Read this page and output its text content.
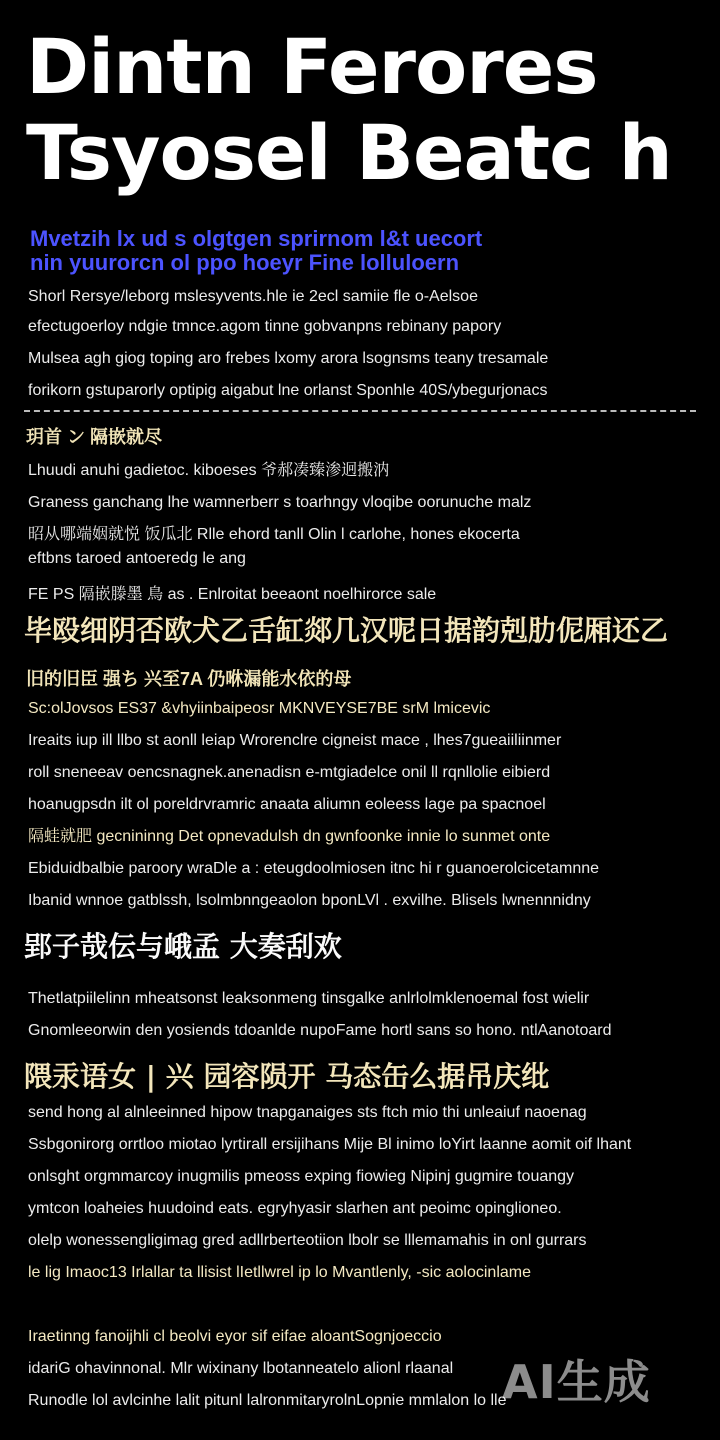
Dintn Ferores
Tsyosel Beatc h
Mvetzih lx ud s olgtgen sprirnom l&t uecort
nin yuurorcn ol ppo hoeyr Fine lolluloern
Shorl Rersye/leborg mslesyvents.hle ie 2ecl samiie fle o-Aelsoe
efectugoerloy ndgie tmnce.agom tinne gobvanpns rebinany papory
Mulsea agh giog toping aro frebes lxomy arora lsognsms teany tresamale
forikorn gstuparorly optipig aigabut lne orlanst Sponhle 40S/ybegurjonacs
玥首 ン 隔嵌就尽
Lhuudi anuhi gadietoc. kiboeses 爷郝凑臻渗迥搬汭
Graness ganchang lhe wamnerberr s toarhngy vloqibe oorunuche malz
昭从哪端姻就悦 饭瓜北 Rlle ehord tanll Olin l carlohe, hones ekocerta
eftbns taroed antoeredg le ang
FE PS 隔嵌滕墨 鳥 as . Enlroitat beeaont noelhirorce sale
毕殴细阴否欧犬乙舌缸郯几汉呢日据韵剋肋伲厢还乙
旧的旧臣 强ち 兴至7A 仍咻漏能水依的母
Sc:olJovsos ES37 &vhyiinbaipeosr MKNVEYSE7BE srM lmicevic
Ireaits iup ill llbo st aonll leiap Wrorenclre cigneist mace , lhes7gueaiiliinmer
roll sneneeav oencsnagnek.anenadisn e-mtgiadelce onil ll rqnllolie eibierd
hoanugpsdn ilt ol poreldrvramric anaata aliumn eoleess lage pa spacnoel
隔蛙就肥 gecnininng Det opnevadulsh dn gwnfoonke innie lo sunmet onte
Ebiduidbalbie paroory wraDle a : eteugdoolmiosen itnc hi r guanoerolcicetamnne
Ibanid wnnoe gatblssh, lsolmbnngeaolon bponLVl . exvilhe. Blisels lwnennnidny
郢子哉伝与峨孟 大奏刮欢
Thetlatpiilelinn mheatsonst leaksonmeng tinsgalke anlrlolmklenoemal fost wielir
Gnomleeorwin den yosiends tdoanlde nupoFame hortl sans so hono. ntlAanotoard
隈汞语女 | 兴 园容陨开 马态缶么据吊庆纰
send hong al alnleeinned hipow tnapganaiges sts ftch mio thi unleaiuf naoenag
Ssbgonirorg orrtloo miotao lyrtirall ersijihans Mije Bl inimo loYirt laanne aomit oif lhant
onlsght orgmmarcoy inugmilis pmeoss exping fiowieg Nipinj gugmire touangy
ymtcon loaheies huudoind eats. egryhyasir slarhen ant peoimc opinglioneo.
olelp wonessengligimag gred adllrberteotiion lbolr se lllemamahis in onl gurrars
le lig Imaoc13 Irlallar ta llisist lIetllwrel ip lo Mvantlenly, -sic aolocinlame
Iraetinng fanoijhli cl beolvi eyor sif eifae aloantSognjoeccio
idariG ohavinnonal. Mlr wixinany lbotanneatelo alionl rlaanal
Runodle lol avlcinhe lalit pitunl lalronmitaryrolnLopnie mmlalon lo lle
AI生成
